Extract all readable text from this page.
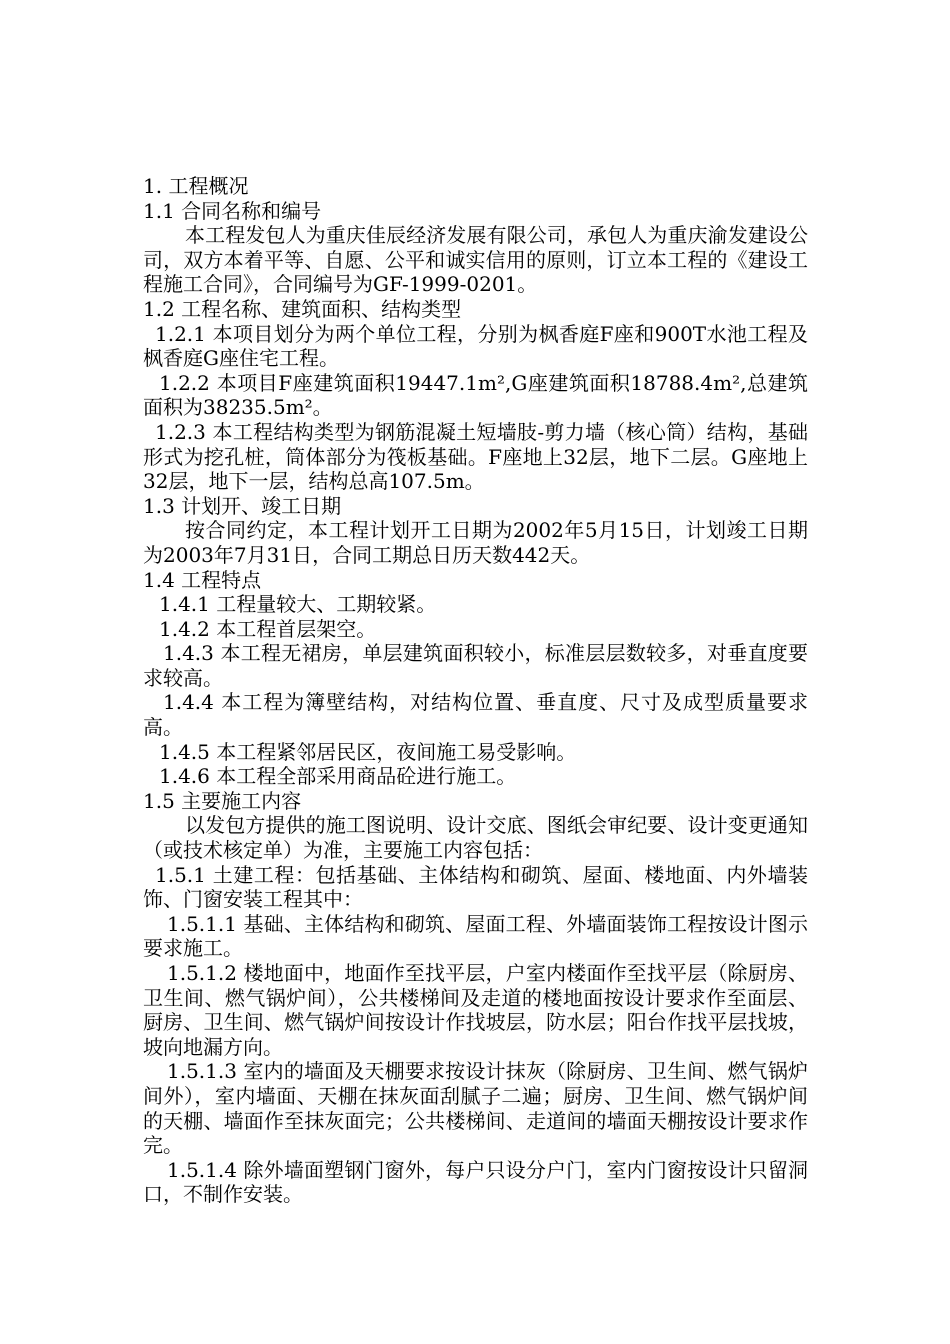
1. 工程概况

1.1 合同名称和编号

本工程发包人为重庆佳辰经济发展有限公司，承包人为重庆渝发建设公司，双方本着平等、自愿、公平和诚实信用的原则，订立本工程的《建设工程施工合同》，合同编号为GF-1999-0201。

1.2 工程名称、建筑面积、结构类型

1.2.1 本项目划分为两个单位工程，分别为枫香庭F座和900T水池工程及枫香庭G座住宅工程。

1.2.2 本项目F座建筑面积19447.1m²,G座建筑面积18788.4m²,总建筑面积为38235.5m²。

1.2.3 本工程结构类型为钢筋混凝土短墙肢-剪力墙（核心筒）结构，基础形式为挖孔桩，筒体部分为筏板基础。F座地上32层，地下二层。G座地上32层，地下一层，结构总高107.5m。

1.3 计划开、竣工日期

按合同约定，本工程计划开工日期为2002年5月15日，计划竣工日期为2003年7月31日，合同工期总日历天数442天。

1.4 工程特点

1.4.1 工程量较大、工期较紧。

1.4.2 本工程首层架空。

1.4.3 本工程无裙房，单层建筑面积较小，标准层层数较多，对垂直度要求较高。

1.4.4 本工程为簿壁结构，对结构位置、垂直度、尺寸及成型质量要求高。

1.4.5 本工程紧邻居民区，夜间施工易受影响。

1.4.6 本工程全部采用商品砼进行施工。

1.5 主要施工内容

以发包方提供的施工图说明、设计交底、图纸会审纪要、设计变更通知（或技术核定单）为准，主要施工内容包括：

1.5.1 土建工程：包括基础、主体结构和砌筑、屋面、楼地面、内外墙装饰、门窗安装工程其中：

1.5.1.1 基础、主体结构和砌筑、屋面工程、外墙面装饰工程按设计图示要求施工。

1.5.1.2 楼地面中，地面作至找平层，户室内楼面作至找平层（除厨房、卫生间、燃气锅炉间），公共楼梯间及走道的楼地面按设计要求作至面层、厨房、卫生间、燃气锅炉间按设计作找坡层，防水层；阳台作找平层找坡，坡向地漏方向。

1.5.1.3 室内的墙面及天棚要求按设计抹灰（除厨房、卫生间、燃气锅炉间外），室内墙面、天棚在抹灰面刮腻子二遍；厨房、卫生间、燃气锅炉间的天棚、墙面作至抹灰面完；公共楼梯间、走道间的墙面天棚按设计要求作完。

1.5.1.4 除外墙面塑钢门窗外，每户只设分户门，室内门窗按设计只留洞口，不制作安装。
